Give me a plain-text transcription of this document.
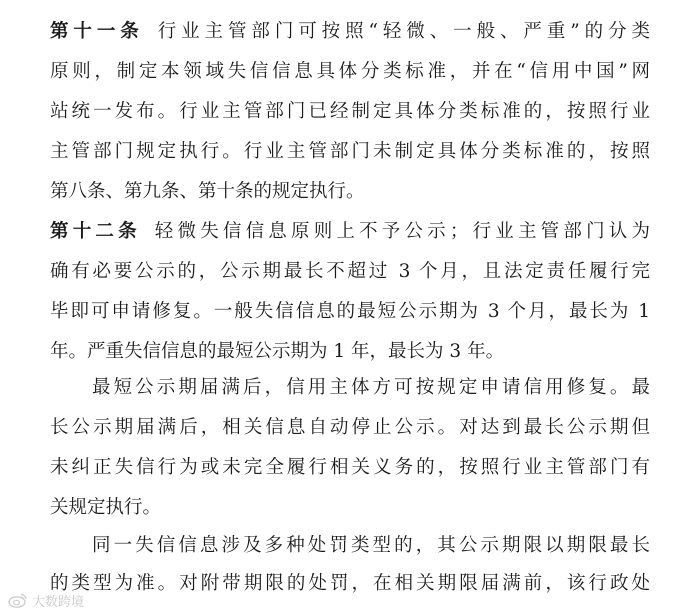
第十一条 行业主管部门可按照“轻微、一般、严重”的分类
原则，制定本领域失信信息具体分类标准，并在“信用中国”网
站统一发布。行业主管部门已经制定具体分类标准的，按照行业
主管部门规定执行。行业主管部门未制定具体分类标准的，按照
第八条、第九条、第十条的规定执行。
第十二条 轻微失信信息原则上不予公示；行业主管部门认为
确有必要公示的，公示期最长不超过 3 个月，且法定责任履行完
毕即可申请修复。一般失信信息的最短公示期为 3 个月，最长为 1
年。严重失信信息的最短公示期为 1 年，最长为 3 年。
最短公示期届满后，信用主体方可按规定申请信用修复。最
长公示期届满后，相关信息自动停止公示。对达到最长公示期但
未纠正失信行为或未完全履行相关义务的，按照行业主管部门有
关规定执行。
同一失信信息涉及多种处罚类型的，其公示期限以期限最长
的类型为准。对附带期限的处罚，在相关期限届满前，该行政处
大数跨境
